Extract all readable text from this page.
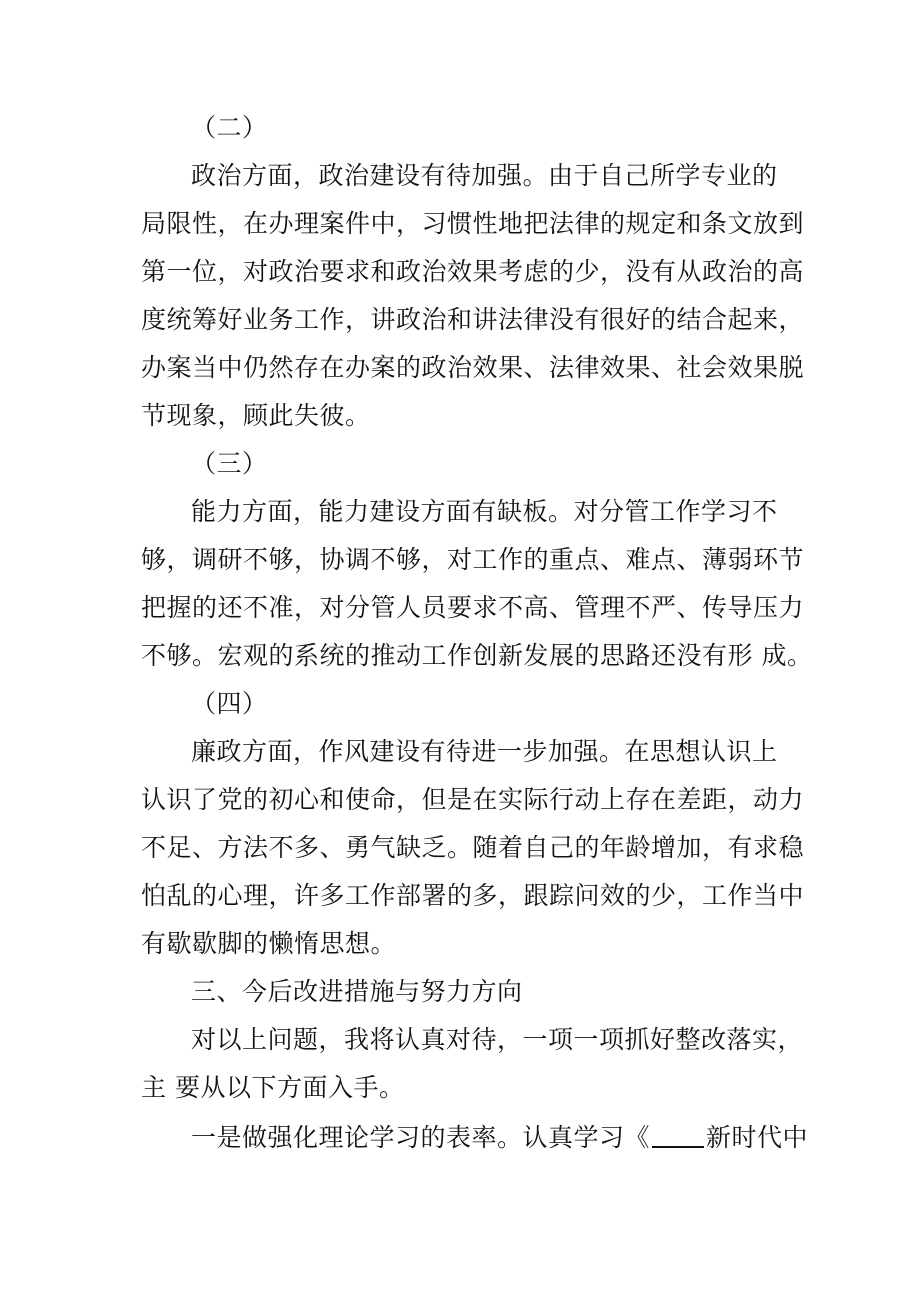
（二）
政治方面，政治建设有待加强。由于自己所学专业的
局限性，在办理案件中，习惯性地把法律的规定和条文放到
第一位，对政治要求和政治效果考虑的少，没有从政治的高
度统筹好业务工作，讲政治和讲法律没有很好的结合起来，
办案当中仍然存在办案的政治效果、法律效果、社会效果脱
节现象，顾此失彼。
（三）
能力方面，能力建设方面有缺板。对分管工作学习不
够，调研不够，协调不够，对工作的重点、难点、薄弱环节
把握的还不准，对分管人员要求不高、管理不严、传导压力
不够。宏观的系统的推动工作创新发展的思路还没有形 成。
（四）
廉政方面，作风建设有待进一步加强。在思想认识上
认识了党的初心和使命，但是在实际行动上存在差距，动力
不足、方法不多、勇气缺乏。随着自己的年龄增加，有求稳
怕乱的心理，许多工作部署的多，跟踪问效的少，工作当中
有歇歇脚的懒惰思想。
三、今后改进措施与努力方向
对以上问题，我将认真对待，一项一项抓好整改落实，
主 要从以下方面入手。
一是做强化理论学习的表率。认真学习《 新时代中
